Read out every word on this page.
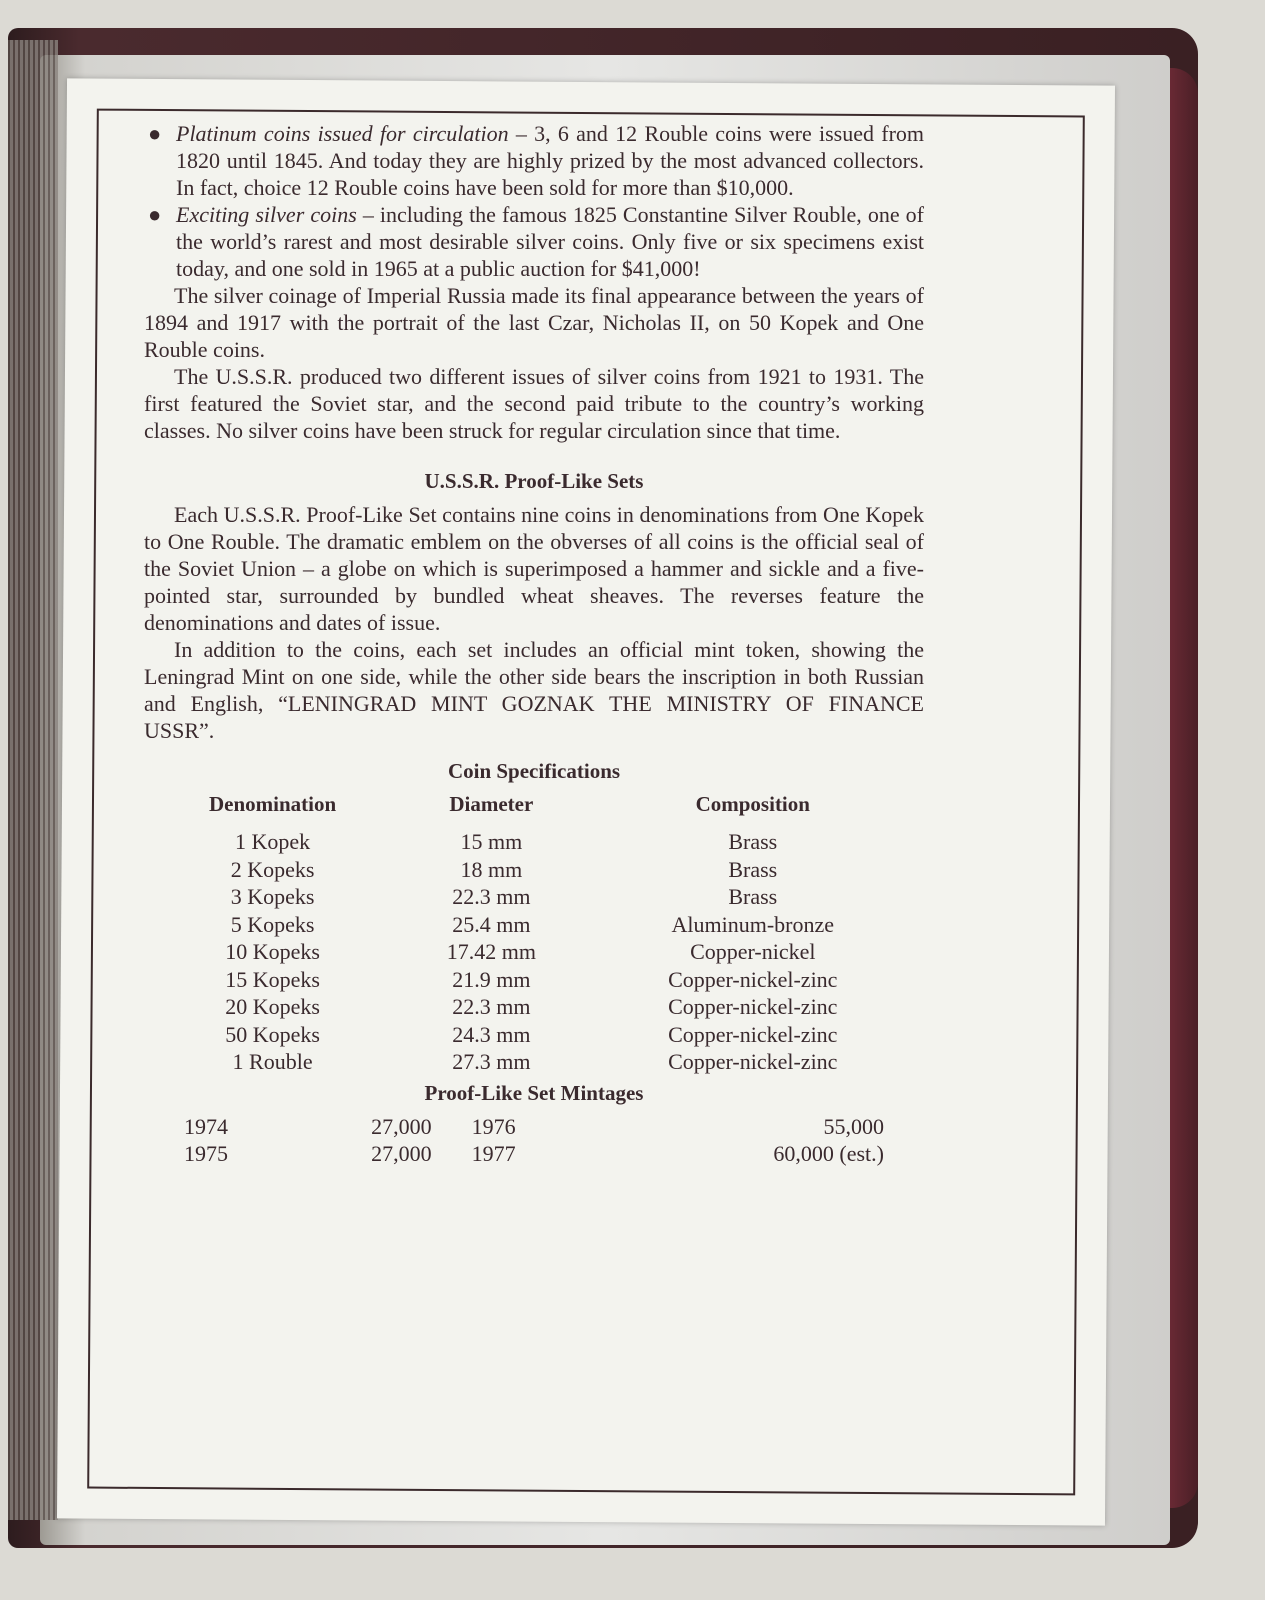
● Platinum coins issued for circulation – 3, 6 and 12 Rouble coins were issued from 1820 until 1845. And today they are highly prized by the most advanced collectors. In fact, choice 12 Rouble coins have been sold for more than $10,000.

● Exciting silver coins – including the famous 1825 Constantine Silver Rouble, one of the world’s rarest and most desirable silver coins. Only five or six specimens exist today, and one sold in 1965 at a public auction for $41,000!

The silver coinage of Imperial Russia made its final appearance between the years of 1894 and 1917 with the portrait of the last Czar, Nicholas II, on 50 Kopek and One Rouble coins.

The U.S.S.R. produced two different issues of silver coins from 1921 to 1931. The first featured the Soviet star, and the second paid tribute to the country’s working classes. No silver coins have been struck for regular circulation since that time.

U.S.S.R. Proof-Like Sets

Each U.S.S.R. Proof-Like Set contains nine coins in denominations from One Kopek to One Rouble. The dramatic emblem on the obverses of all coins is the official seal of the Soviet Union – a globe on which is superimposed a hammer and sickle and a five-pointed star, surrounded by bundled wheat sheaves. The reverses feature the denominations and dates of issue.

In addition to the coins, each set includes an official mint token, showing the Leningrad Mint on one side, while the other side bears the inscription in both Russian and English, “LENINGRAD MINT GOZNAK THE MINISTRY OF FINANCE USSR”.

Coin Specifications
Denomination	Diameter	Composition
1 Kopek	15 mm	Brass
2 Kopeks	18 mm	Brass
3 Kopeks	22.3 mm	Brass
5 Kopeks	25.4 mm	Aluminum-bronze
10 Kopeks	17.42 mm	Copper-nickel
15 Kopeks	21.9 mm	Copper-nickel-zinc
20 Kopeks	22.3 mm	Copper-nickel-zinc
50 Kopeks	24.3 mm	Copper-nickel-zinc
1 Rouble	27.3 mm	Copper-nickel-zinc
Proof-Like Set Mintages
1974	27,000	1976	55,000
1975	27,000	1977	60,000 (est.)
